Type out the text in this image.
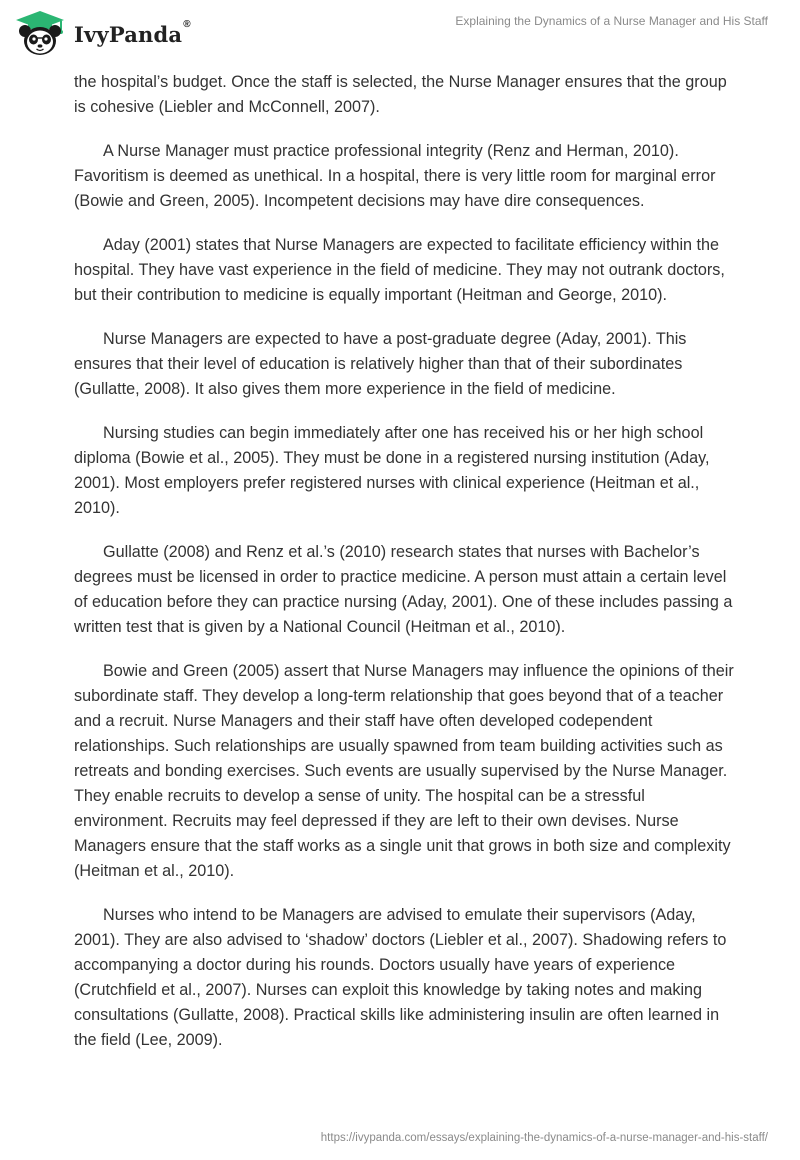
IvyPanda®	Explaining the Dynamics of a Nurse Manager and His Staff

the hospital’s budget. Once the staff is selected, the Nurse Manager ensures that the group is cohesive (Liebler and McConnell, 2007).

A Nurse Manager must practice professional integrity (Renz and Herman, 2010). Favoritism is deemed as unethical. In a hospital, there is very little room for marginal error (Bowie and Green, 2005). Incompetent decisions may have dire consequences.

Aday (2001) states that Nurse Managers are expected to facilitate efficiency within the hospital. They have vast experience in the field of medicine. They may not outrank doctors, but their contribution to medicine is equally important (Heitman and George, 2010).

Nurse Managers are expected to have a post-graduate degree (Aday, 2001). This ensures that their level of education is relatively higher than that of their subordinates (Gullatte, 2008). It also gives them more experience in the field of medicine.

Nursing studies can begin immediately after one has received his or her high school diploma (Bowie et al., 2005). They must be done in a registered nursing institution (Aday, 2001). Most employers prefer registered nurses with clinical experience (Heitman et al., 2010).

Gullatte (2008) and Renz et al.’s (2010) research states that nurses with Bachelor’s degrees must be licensed in order to practice medicine. A person must attain a certain level of education before they can practice nursing (Aday, 2001). One of these includes passing a written test that is given by a National Council (Heitman et al., 2010).

Bowie and Green (2005) assert that Nurse Managers may influence the opinions of their subordinate staff. They develop a long-term relationship that goes beyond that of a teacher and a recruit. Nurse Managers and their staff have often developed codependent relationships. Such relationships are usually spawned from team building activities such as retreats and bonding exercises. Such events are usually supervised by the Nurse Manager. They enable recruits to develop a sense of unity. The hospital can be a stressful environment. Recruits may feel depressed if they are left to their own devises. Nurse Managers ensure that the staff works as a single unit that grows in both size and complexity (Heitman et al., 2010).

Nurses who intend to be Managers are advised to emulate their supervisors (Aday, 2001). They are also advised to ‘shadow’ doctors (Liebler et al., 2007). Shadowing refers to accompanying a doctor during his rounds. Doctors usually have years of experience (Crutchfield et al., 2007). Nurses can exploit this knowledge by taking notes and making consultations (Gullatte, 2008). Practical skills like administering insulin are often learned in the field (Lee, 2009).

https://ivypanda.com/essays/explaining-the-dynamics-of-a-nurse-manager-and-his-staff/
